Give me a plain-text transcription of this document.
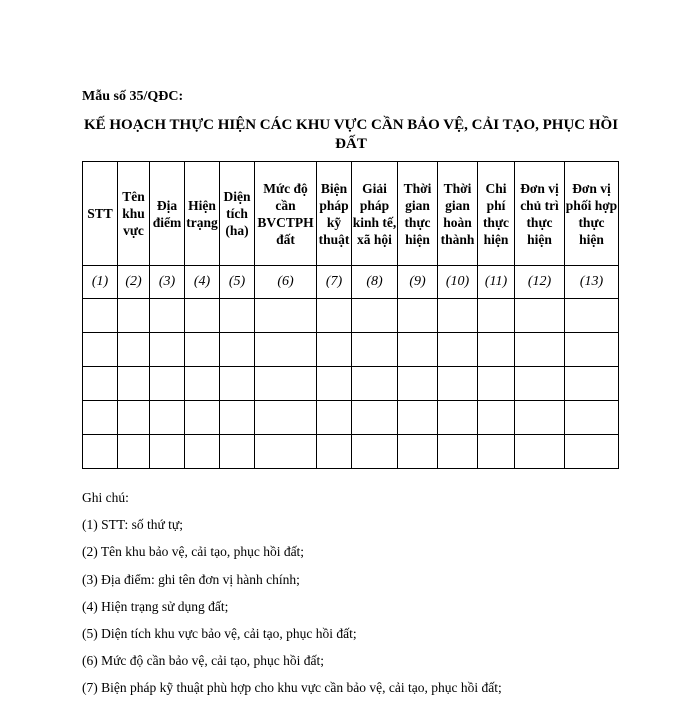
Mẫu số 35/QĐC:
KẾ HOẠCH THỰC HIỆN CÁC KHU VỰC CẦN BẢO VỆ, CẢI TẠO, PHỤC HỒI ĐẤT
STT	Tên khu vực	Địa điểm	Hiện trạng	Diện tích (ha)	Mức độ cần BVCTPH đất	Biện pháp kỹ thuật	Giải pháp kinh tế, xã hội	Thời gian thực hiện	Thời gian hoàn thành	Chi phí thực hiện	Đơn vị chủ trì thực hiện	Đơn vị phối hợp thực hiện
(1)	(2)	(3)	(4)	(5)	(6)	(7)	(8)	(9)	(10)	(11)	(12)	(13)

Ghi chú:
(1) STT: số thứ tự;
(2) Tên khu bảo vệ, cải tạo, phục hồi đất;
(3) Địa điểm: ghi tên đơn vị hành chính;
(4) Hiện trạng sử dụng đất;
(5) Diện tích khu vực bảo vệ, cải tạo, phục hồi đất;
(6) Mức độ cần bảo vệ, cải tạo, phục hồi đất;
(7) Biện pháp kỹ thuật phù hợp cho khu vực cần bảo vệ, cải tạo, phục hồi đất;
